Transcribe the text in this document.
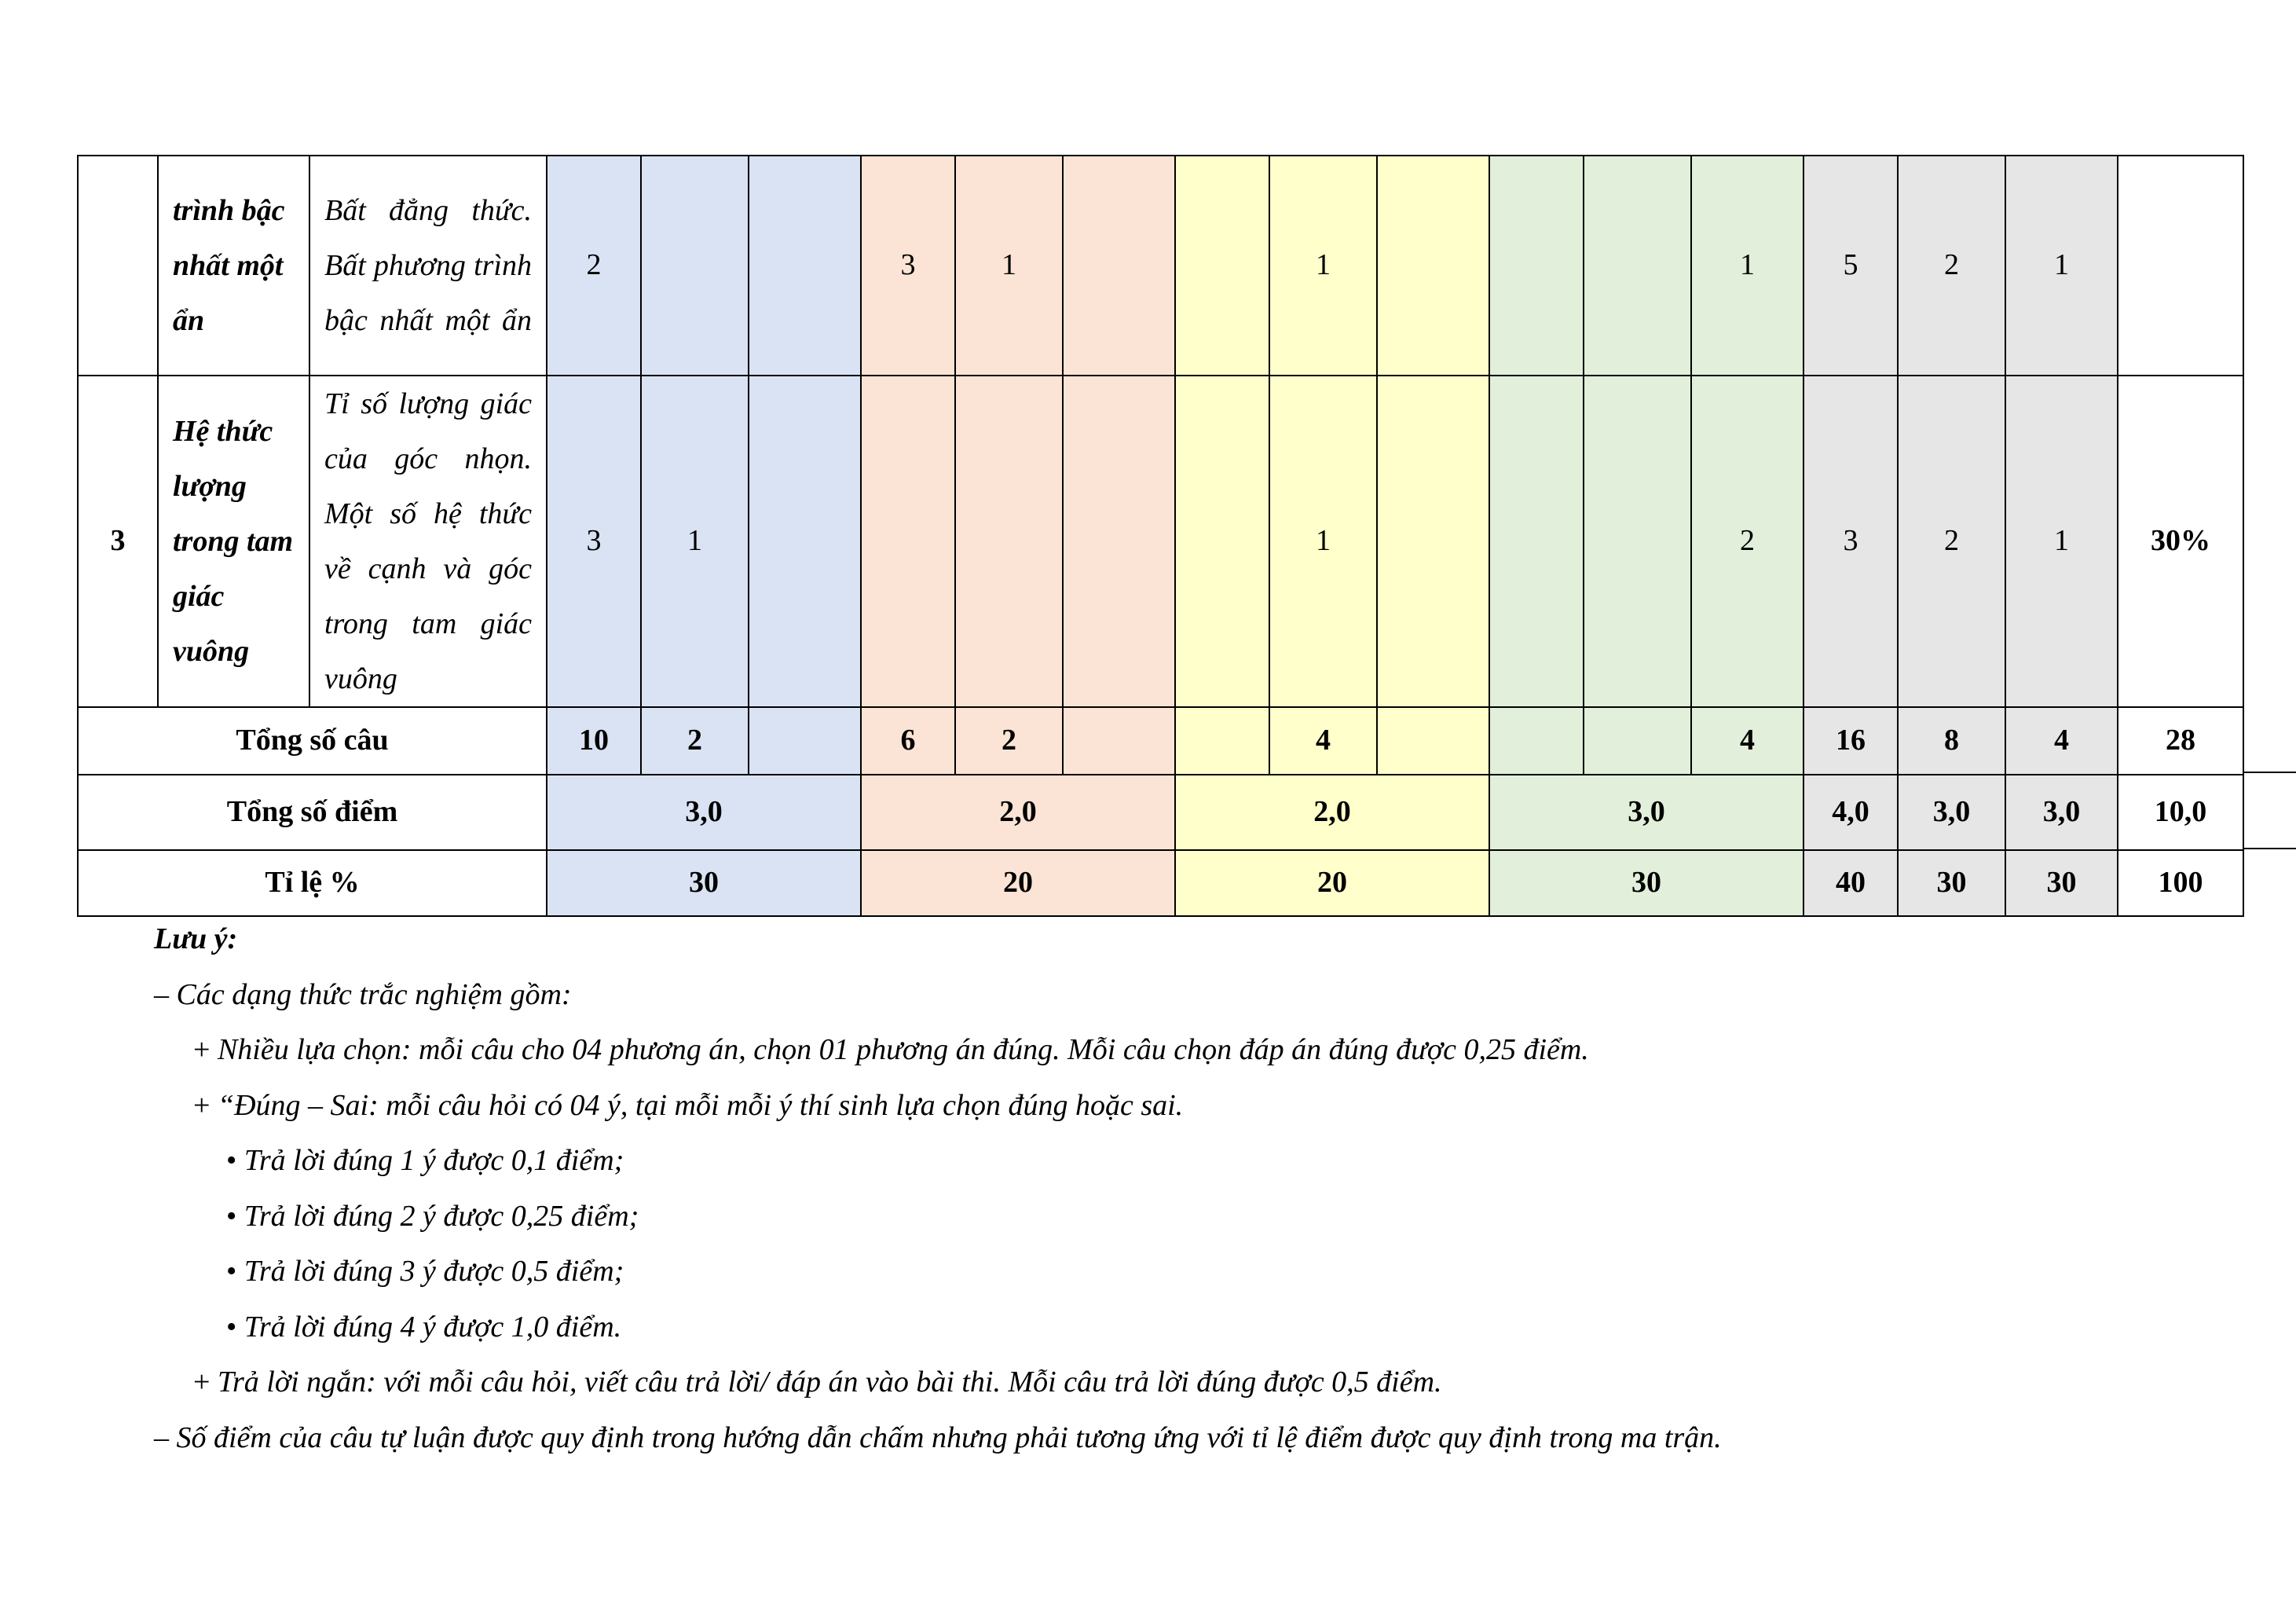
	trình bậc nhất một ẩn	Bất đẳng thức. Bất phương trình bậc nhất một ẩn	2			3	1			1				1	5	2	1	
3	Hệ thức lượng trong tam giác vuông	Tỉ số lượng giác của góc nhọn. Một số hệ thức về cạnh và góc trong tam giác vuông	3	1						1				2	3	2	1	30%
Tổng số câu			10	2		6	2			4				4	16	8	4	28
Tổng số điểm			3,0			2,0			2,0			3,0			4,0	3,0	3,0	10,0
Tỉ lệ %			30			20			20			30			40	30	30	100

Lưu ý:

– Các dạng thức trắc nghiệm gồm:

+ Nhiều lựa chọn: mỗi câu cho 04 phương án, chọn 01 phương án đúng. Mỗi câu chọn đáp án đúng được 0,25 điểm.

+ “Đúng – Sai: mỗi câu hỏi có 04 ý, tại mỗi mỗi ý thí sinh lựa chọn đúng hoặc sai.

• Trả lời đúng 1 ý được 0,1 điểm;

• Trả lời đúng 2 ý được 0,25 điểm;

• Trả lời đúng 3 ý được 0,5 điểm;

• Trả lời đúng 4 ý được 1,0 điểm.

+ Trả lời ngắn: với mỗi câu hỏi, viết câu trả lời/ đáp án vào bài thi. Mỗi câu trả lời đúng được 0,5 điểm.

– Số điểm của câu tự luận được quy định trong hướng dẫn chấm nhưng phải tương ứng với tỉ lệ điểm được quy định trong ma trận.
